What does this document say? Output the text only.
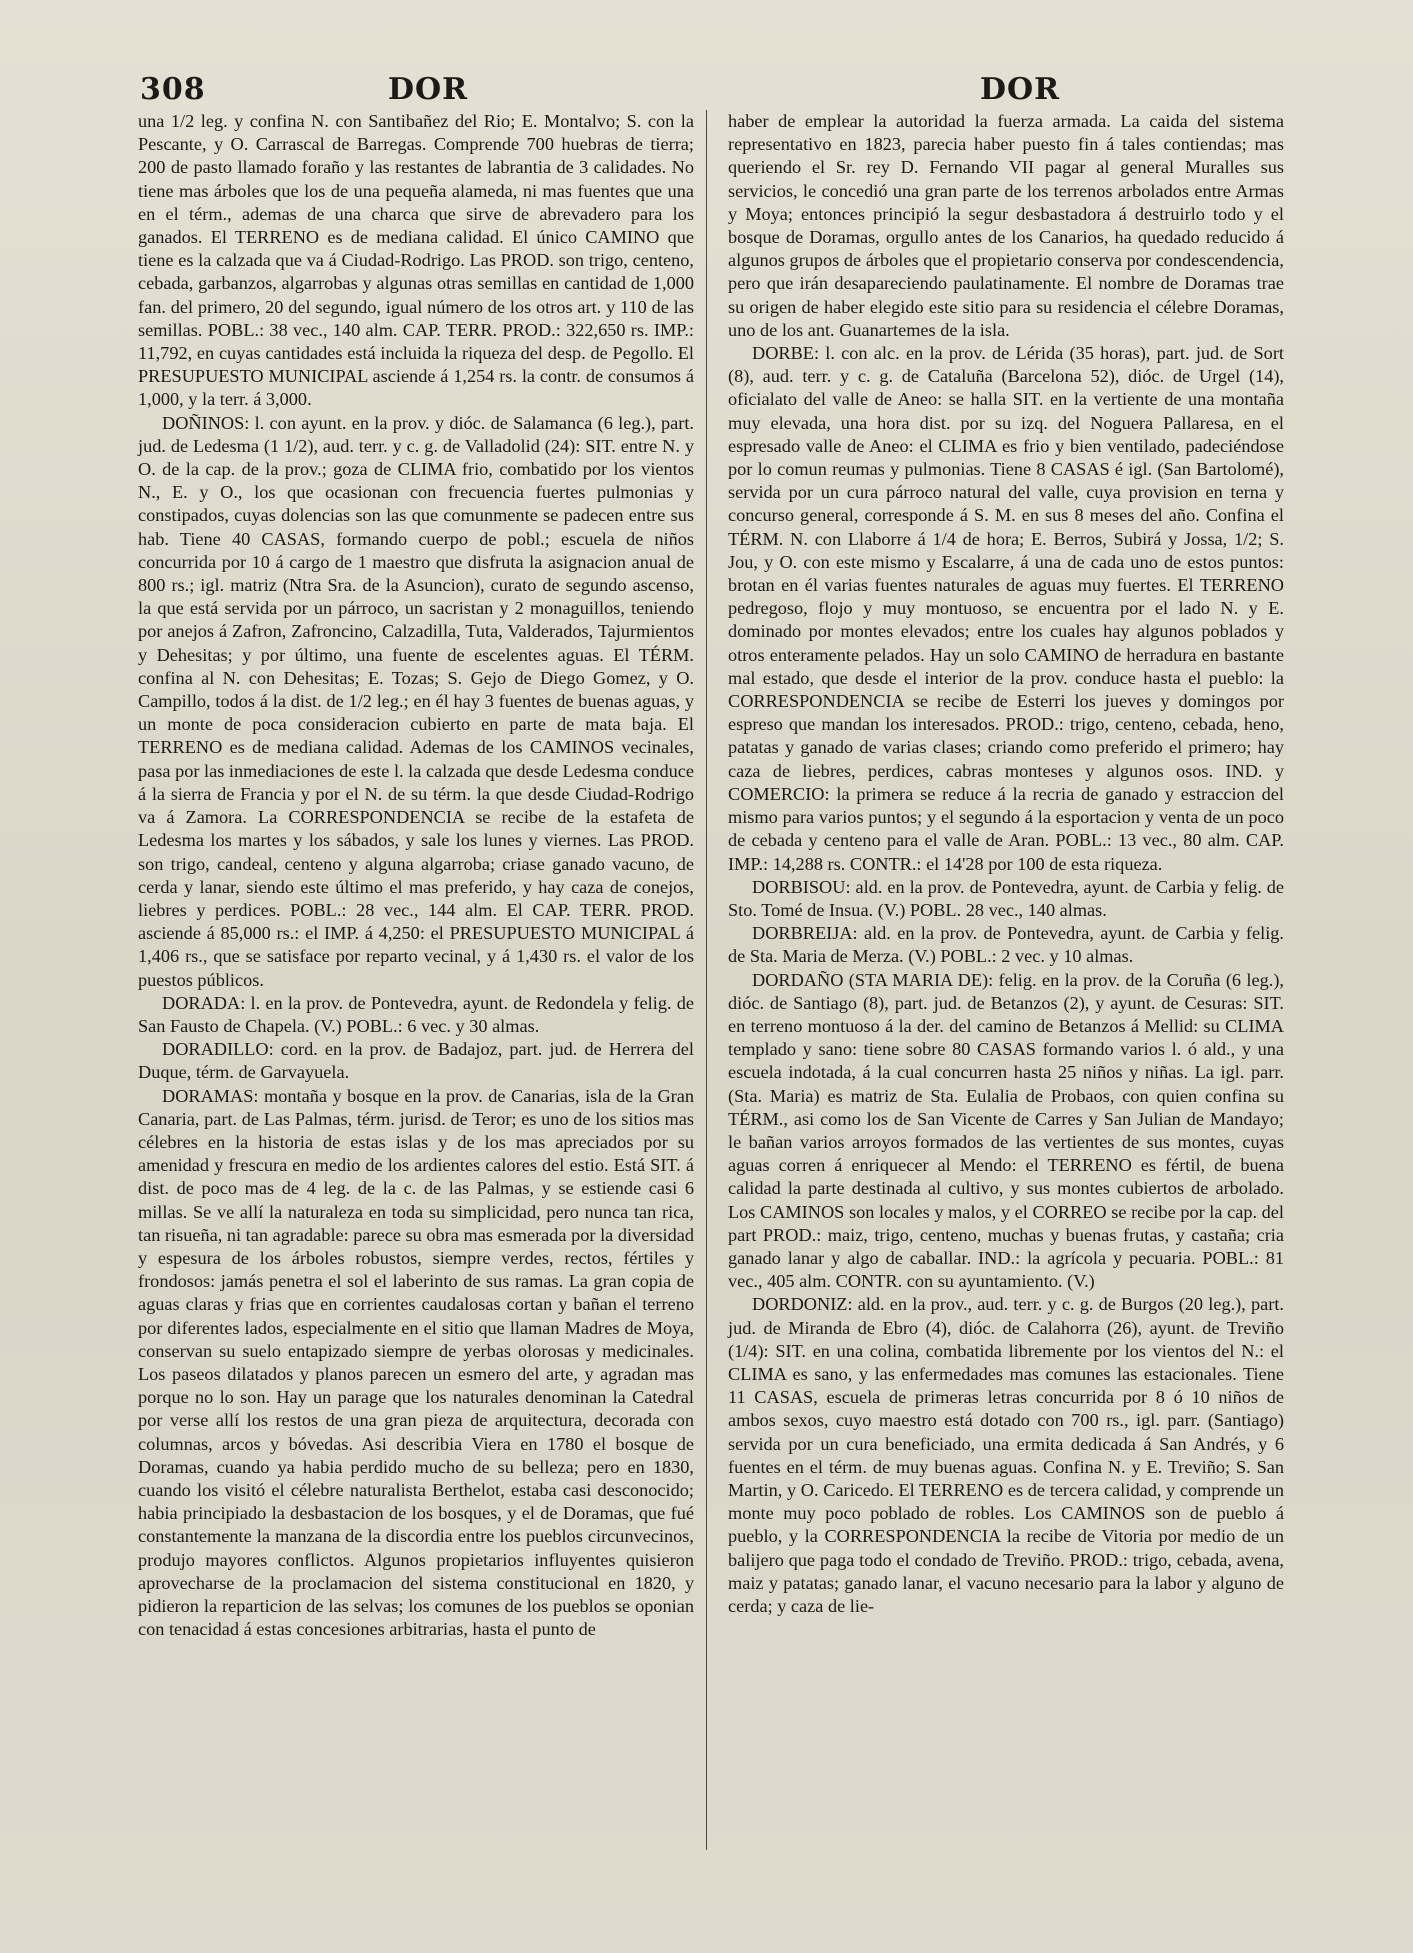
308	DOR	DOR

una 1/2 leg. y confina N. con Santibañez del Rio; E. Montalvo; S. con la Pescante, y O. Carrascal de Barregas. Comprende 700 huebras de tierra; 200 de pasto llamado foraño y las restantes de labrantia de 3 calidades. No tiene mas árboles que los de una pequeña alameda, ni mas fuentes que una en el térm., ademas de una charca que sirve de abrevadero para los ganados. El TERRENO es de mediana calidad. El único CAMINO que tiene es la calzada que va á Ciudad-Rodrigo. Las PROD. son trigo, centeno, cebada, garbanzos, algarrobas y algunas otras semillas en cantidad de 1,000 fan. del primero, 20 del segundo, igual número de los otros art. y 110 de las semillas. POBL.: 38 vec., 140 alm. CAP. TERR. PROD.: 322,650 rs. IMP.: 11,792, en cuyas cantidades está incluida la riqueza del desp. de Pegollo. El PRESUPUESTO MUNICIPAL asciende á 1,254 rs. la contr. de consumos á 1,000, y la terr. á 3,000.

DOÑINOS: l. con ayunt. en la prov. y dióc. de Salamanca (6 leg.), part. jud. de Ledesma (1 1/2), aud. terr. y c. g. de Valladolid (24): SIT. entre N. y O. de la cap. de la prov.; goza de CLIMA frio, combatido por los vientos N., E. y O., los que ocasionan con frecuencia fuertes pulmonias y constipados, cuyas dolencias son las que comunmente se padecen entre sus hab. Tiene 40 CASAS, formando cuerpo de pobl.; escuela de niños concurrida por 10 á cargo de 1 maestro que disfruta la asignacion anual de 800 rs.; igl. matriz (Ntra Sra. de la Asuncion), curato de segundo ascenso, la que está servida por un párroco, un sacristan y 2 monaguillos, teniendo por anejos á Zafron, Zafroncino, Calzadilla, Tuta, Valderados, Tajurmientos y Dehesitas; y por último, una fuente de escelentes aguas. El TÉRM. confina al N. con Dehesitas; E. Tozas; S. Gejo de Diego Gomez, y O. Campillo, todos á la dist. de 1/2 leg.; en él hay 3 fuentes de buenas aguas, y un monte de poca consideracion cubierto en parte de mata baja. El TERRENO es de mediana calidad. Ademas de los CAMINOS vecinales, pasa por las inmediaciones de este l. la calzada que desde Ledesma conduce á la sierra de Francia y por el N. de su térm. la que desde Ciudad-Rodrigo va á Zamora. La CORRESPONDENCIA se recibe de la estafeta de Ledesma los martes y los sábados, y sale los lunes y viernes. Las PROD. son trigo, candeal, centeno y alguna algarroba; criase ganado vacuno, de cerda y lanar, siendo este último el mas preferido, y hay caza de conejos, liebres y perdices. POBL.: 28 vec., 144 alm. El CAP. TERR. PROD. asciende á 85,000 rs.: el IMP. á 4,250: el PRESUPUESTO MUNICIPAL á 1,406 rs., que se satisface por reparto vecinal, y á 1,430 rs. el valor de los puestos públicos.

DORADA: l. en la prov. de Pontevedra, ayunt. de Redondela y felig. de San Fausto de Chapela. (V.) POBL.: 6 vec. y 30 almas.

DORADILLO: cord. en la prov. de Badajoz, part. jud. de Herrera del Duque, térm. de Garvayuela.

DORAMAS: montaña y bosque en la prov. de Canarias, isla de la Gran Canaria, part. de Las Palmas, térm. jurisd. de Teror; es uno de los sitios mas célebres en la historia de estas islas y de los mas apreciados por su amenidad y frescura en medio de los ardientes calores del estio. Está SIT. á dist. de poco mas de 4 leg. de la c. de las Palmas, y se estiende casi 6 millas. Se ve allí la naturaleza en toda su simplicidad, pero nunca tan rica, tan risueña, ni tan agradable: parece su obra mas esmerada por la diversidad y espesura de los árboles robustos, siempre verdes, rectos, fértiles y frondosos: jamás penetra el sol el laberinto de sus ramas. La gran copia de aguas claras y frias que en corrientes caudalosas cortan y bañan el terreno por diferentes lados, especialmente en el sitio que llaman Madres de Moya, conservan su suelo entapizado siempre de yerbas olorosas y medicinales. Los paseos dilatados y planos parecen un esmero del arte, y agradan mas porque no lo son. Hay un parage que los naturales denominan la Catedral por verse allí los restos de una gran pieza de arquitectura, decorada con columnas, arcos y bóvedas. Asi describia Viera en 1780 el bosque de Doramas, cuando ya habia perdido mucho de su belleza; pero en 1830, cuando los visitó el célebre naturalista Berthelot, estaba casi desconocido; habia principiado la desbastacion de los bosques, y el de Doramas, que fué constantemente la manzana de la discordia entre los pueblos circunvecinos, produjo mayores conflictos. Algunos propietarios influyentes quisieron aprovecharse de la proclamacion del sistema constitucional en 1820, y pidieron la reparticion de las selvas; los comunes de los pueblos se oponian con tenacidad á estas concesiones arbitrarias, hasta el punto de

haber de emplear la autoridad la fuerza armada. La caida del sistema representativo en 1823, parecia haber puesto fin á tales contiendas; mas queriendo el Sr. rey D. Fernando VII pagar al general Muralles sus servicios, le concedió una gran parte de los terrenos arbolados entre Armas y Moya; entonces principió la segur desbastadora á destruirlo todo y el bosque de Doramas, orgullo antes de los Canarios, ha quedado reducido á algunos grupos de árboles que el propietario conserva por condescendencia, pero que irán desapareciendo paulatinamente. El nombre de Doramas trae su origen de haber elegido este sitio para su residencia el célebre Doramas, uno de los ant. Guanartemes de la isla.

DORBE: l. con alc. en la prov. de Lérida (35 horas), part. jud. de Sort (8), aud. terr. y c. g. de Cataluña (Barcelona 52), dióc. de Urgel (14), oficialato del valle de Aneo: se halla SIT. en la vertiente de una montaña muy elevada, una hora dist. por su izq. del Noguera Pallaresa, en el espresado valle de Aneo: el CLIMA es frio y bien ventilado, padeciéndose por lo comun reumas y pulmonias. Tiene 8 CASAS é igl. (San Bartolomé), servida por un cura párroco natural del valle, cuya provision en terna y concurso general, corresponde á S. M. en sus 8 meses del año. Confina el TÉRM. N. con Llaborre á 1/4 de hora; E. Berros, Subirá y Jossa, 1/2; S. Jou, y O. con este mismo y Escalarre, á una de cada uno de estos puntos: brotan en él varias fuentes naturales de aguas muy fuertes. El TERRENO pedregoso, flojo y muy montuoso, se encuentra por el lado N. y E. dominado por montes elevados; entre los cuales hay algunos poblados y otros enteramente pelados. Hay un solo CAMINO de herradura en bastante mal estado, que desde el interior de la prov. conduce hasta el pueblo: la CORRESPONDENCIA se recibe de Esterri los jueves y domingos por espreso que mandan los interesados. PROD.: trigo, centeno, cebada, heno, patatas y ganado de varias clases; criando como preferido el primero; hay caza de liebres, perdices, cabras monteses y algunos osos. IND. y COMERCIO: la primera se reduce á la recria de ganado y estraccion del mismo para varios puntos; y el segundo á la esportacion y venta de un poco de cebada y centeno para el valle de Aran. POBL.: 13 vec., 80 alm. CAP. IMP.: 14,288 rs. CONTR.: el 14'28 por 100 de esta riqueza.

DORBISOU: ald. en la prov. de Pontevedra, ayunt. de Carbia y felig. de Sto. Tomé de Insua. (V.) POBL. 28 vec., 140 almas.

DORBREIJA: ald. en la prov. de Pontevedra, ayunt. de Carbia y felig. de Sta. Maria de Merza. (V.) POBL.: 2 vec. y 10 almas.

DORDAÑO (STA MARIA DE): felig. en la prov. de la Coruña (6 leg.), dióc. de Santiago (8), part. jud. de Betanzos (2), y ayunt. de Cesuras: SIT. en terreno montuoso á la der. del camino de Betanzos á Mellid: su CLIMA templado y sano: tiene sobre 80 CASAS formando varios l. ó ald., y una escuela indotada, á la cual concurren hasta 25 niños y niñas. La igl. parr. (Sta. Maria) es matriz de Sta. Eulalia de Probaos, con quien confina su TÉRM., asi como los de San Vicente de Carres y San Julian de Mandayo; le bañan varios arroyos formados de las vertientes de sus montes, cuyas aguas corren á enriquecer al Mendo: el TERRENO es fértil, de buena calidad la parte destinada al cultivo, y sus montes cubiertos de arbolado. Los CAMINOS son locales y malos, y el CORREO se recibe por la cap. del part PROD.: maiz, trigo, centeno, muchas y buenas frutas, y castaña; cria ganado lanar y algo de caballar. IND.: la agrícola y pecuaria. POBL.: 81 vec., 405 alm. CONTR. con su ayuntamiento. (V.)

DORDONIZ: ald. en la prov., aud. terr. y c. g. de Burgos (20 leg.), part. jud. de Miranda de Ebro (4), dióc. de Calahorra (26), ayunt. de Treviño (1/4): SIT. en una colina, combatida libremente por los vientos del N.: el CLIMA es sano, y las enfermedades mas comunes las estacionales. Tiene 11 CASAS, escuela de primeras letras concurrida por 8 ó 10 niños de ambos sexos, cuyo maestro está dotado con 700 rs., igl. parr. (Santiago) servida por un cura beneficiado, una ermita dedicada á San Andrés, y 6 fuentes en el térm. de muy buenas aguas. Confina N. y E. Treviño; S. San Martin, y O. Caricedo. El TERRENO es de tercera calidad, y comprende un monte muy poco poblado de robles. Los CAMINOS son de pueblo á pueblo, y la CORRESPONDENCIA la recibe de Vitoria por medio de un balijero que paga todo el condado de Treviño. PROD.: trigo, cebada, avena, maiz y patatas; ganado lanar, el vacuno necesario para la labor y alguno de cerda; y caza de lie-
